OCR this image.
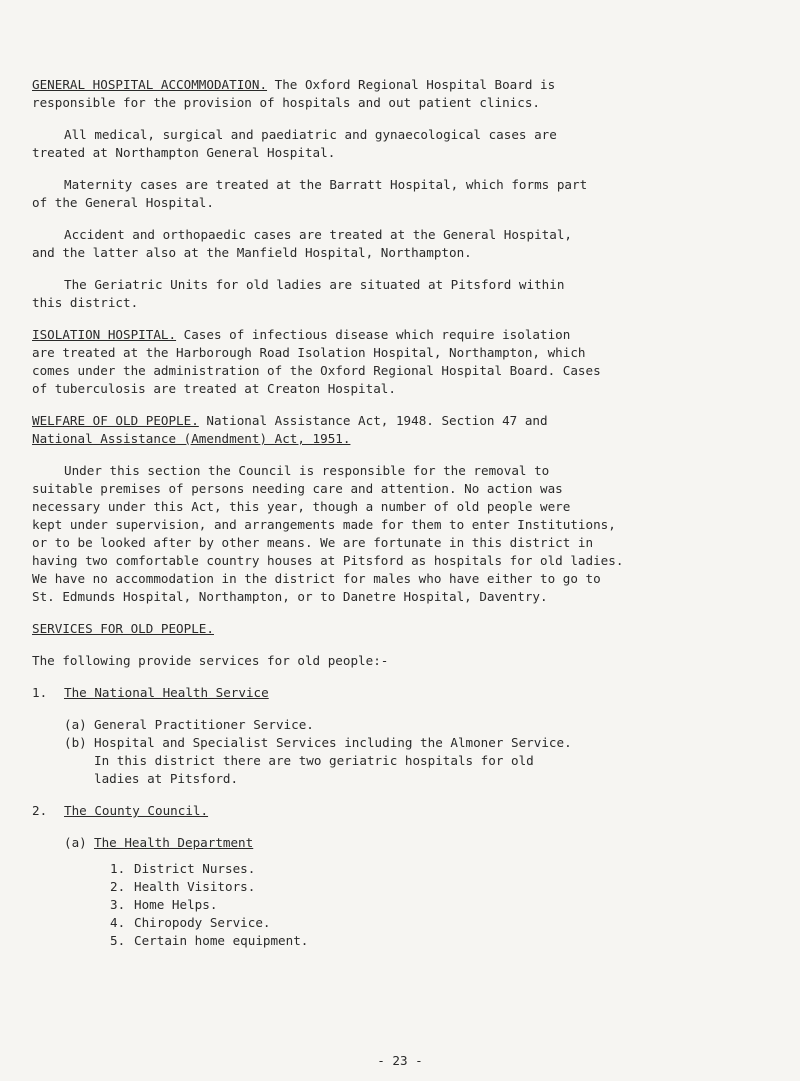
GENERAL HOSPITAL ACCOMMODATION. The Oxford Regional Hospital Board is

responsible for the provision of hospitals and out patient clinics.

All medical, surgical and paediatric and gynaecological cases are

treated at Northampton General Hospital.

Maternity cases are treated at the Barratt Hospital, which forms part

of the General Hospital.

Accident and orthopaedic cases are treated at the General Hospital,

and the latter also at the Manfield Hospital, Northampton.

The Geriatric Units for old ladies are situated at Pitsford within

this district.

ISOLATION HOSPITAL. Cases of infectious disease which require isolation

are treated at the Harborough Road Isolation Hospital, Northampton, which

comes under the administration of the Oxford Regional Hospital Board. Cases

of tuberculosis are treated at Creaton Hospital.

WELFARE OF OLD PEOPLE. National Assistance Act, 1948. Section 47 and

National Assistance (Amendment) Act, 1951.

Under this section the Council is responsible for the removal to

suitable premises of persons needing care and attention. No action was

necessary under this Act, this year, though a number of old people were

kept under supervision, and arrangements made for them to enter Institutions,

or to be looked after by other means. We are fortunate in this district in

having two comfortable country houses at Pitsford as hospitals for old ladies.

We have no accommodation in the district for males who have either to go to

St. Edmunds Hospital, Northampton, or to Danetre Hospital, Daventry.

SERVICES FOR OLD PEOPLE.

The following provide services for old people:-

1.	The National Health Service
(a) General Practitioner Service.
(b) Hospital and Specialist Services including the Almoner Service.

In this district there are two geriatric hospitals for old

ladies at Pitsford.

2.	The County Council.
(a) The Health Department
1. District Nurses.
2. Health Visitors.
3. Home Helps.
4. Chiropody Service.
5. Certain home equipment.
- 23 -
